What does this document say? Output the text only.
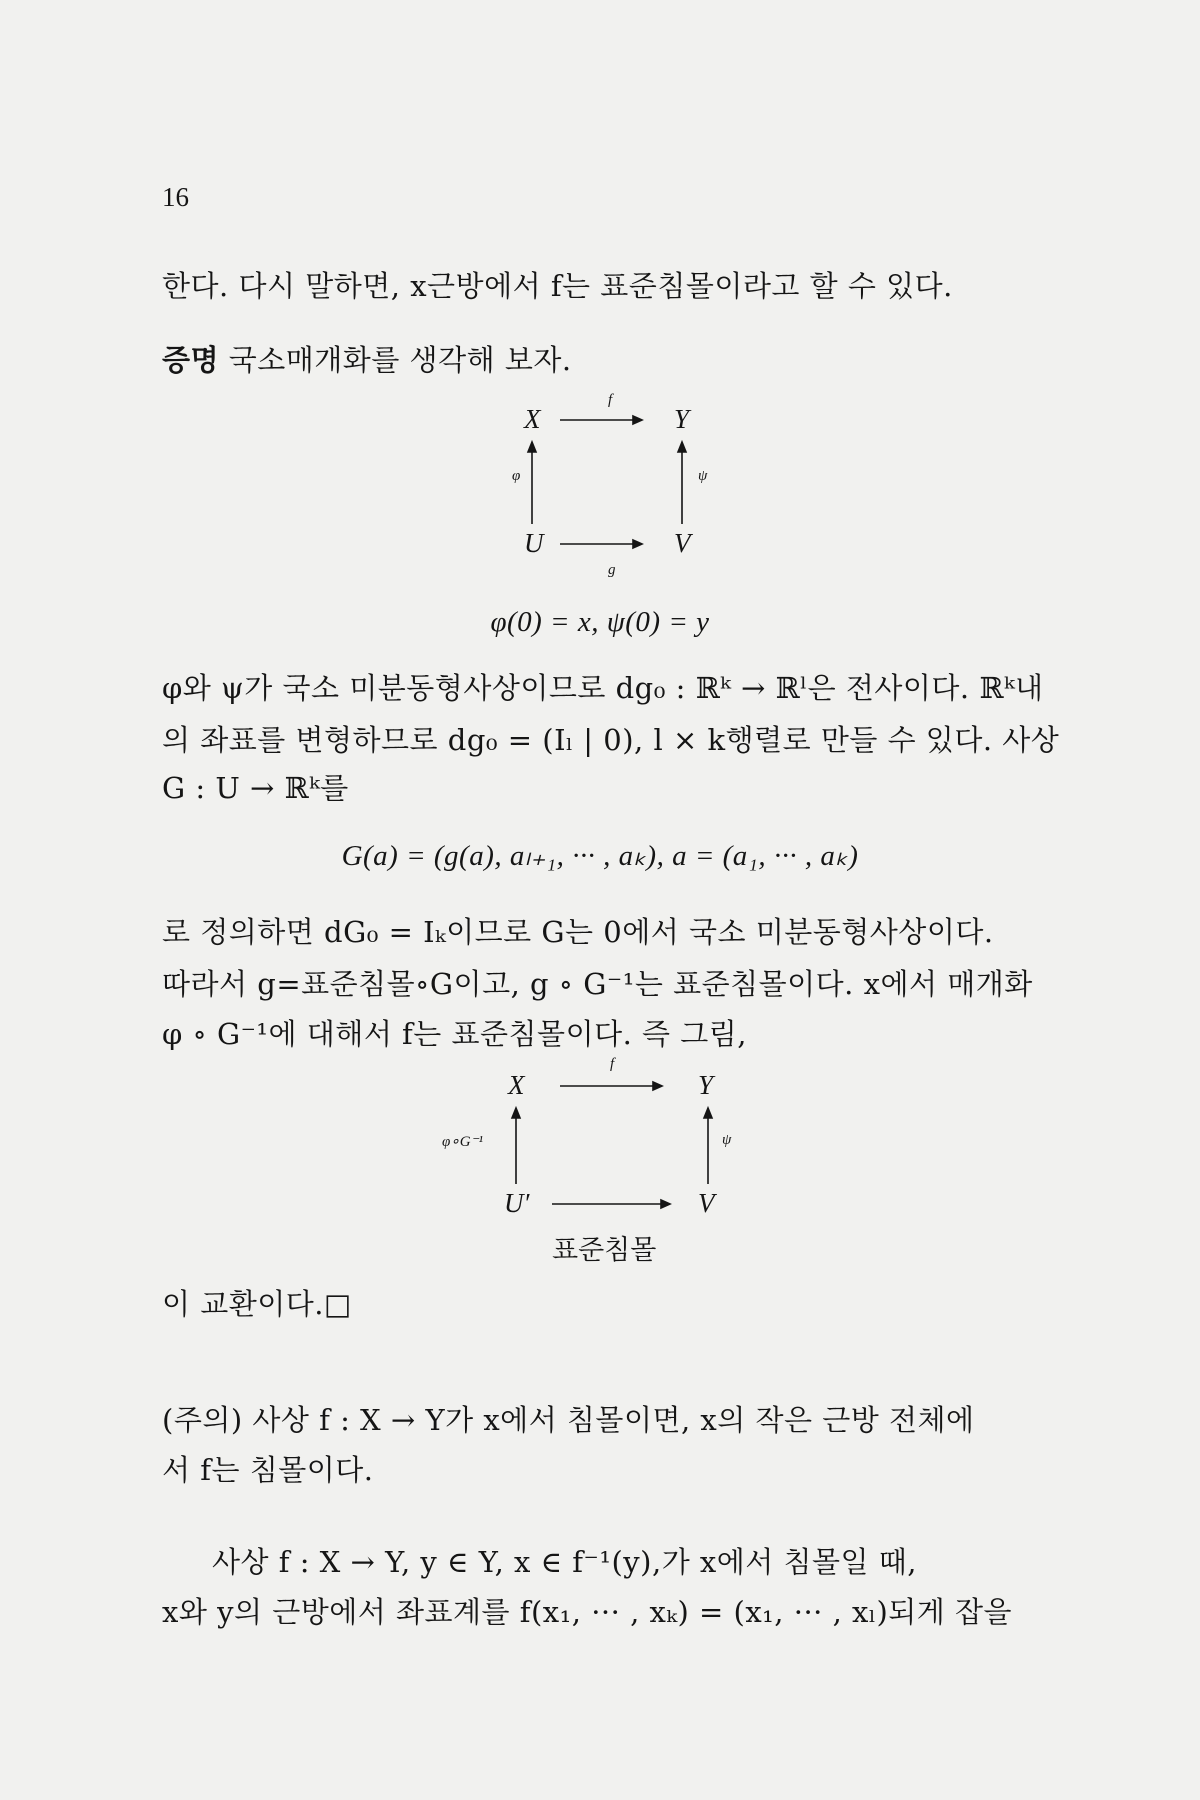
16
한다. 다시 말하면, x근방에서 f는 표준침몰이라고 할 수 있다.
증명 국소매개화를 생각해 보자.
X	Y
U	V
f
g
φ	ψ
φ(0) = x, ψ(0) = y
φ와 ψ가 국소 미분동형사상이므로 dg₀ : ℝᵏ → ℝˡ은 전사이다. ℝᵏ내
의 좌표를 변형하므로 dg₀ = (Iₗ | 0), l × k행렬로 만들 수 있다. 사상
G : U → ℝᵏ를
G(a) = (g(a), aₗ₊₁, ··· , aₖ), a = (a₁, ··· , aₖ)
로 정의하면 dG₀ = Iₖ이므로 G는 0에서 국소 미분동형사상이다.
따라서 g=표준침몰∘G이고, g ∘ G⁻¹는 표준침몰이다. x에서 매개화
φ ∘ G⁻¹에 대해서 f는 표준침몰이다. 즉 그림,
X	Y
U′	V
f
표준침몰
φ∘G⁻¹	ψ
이 교환이다.□
(주의) 사상 f : X → Y가 x에서 침몰이면, x의 작은 근방 전체에
서 f는 침몰이다.
사상 f : X → Y, y ∈ Y, x ∈ f⁻¹(y),가 x에서 침몰일 때,
x와 y의 근방에서 좌표계를 f(x₁, ··· , xₖ) = (x₁, ··· , xₗ)되게 잡을
